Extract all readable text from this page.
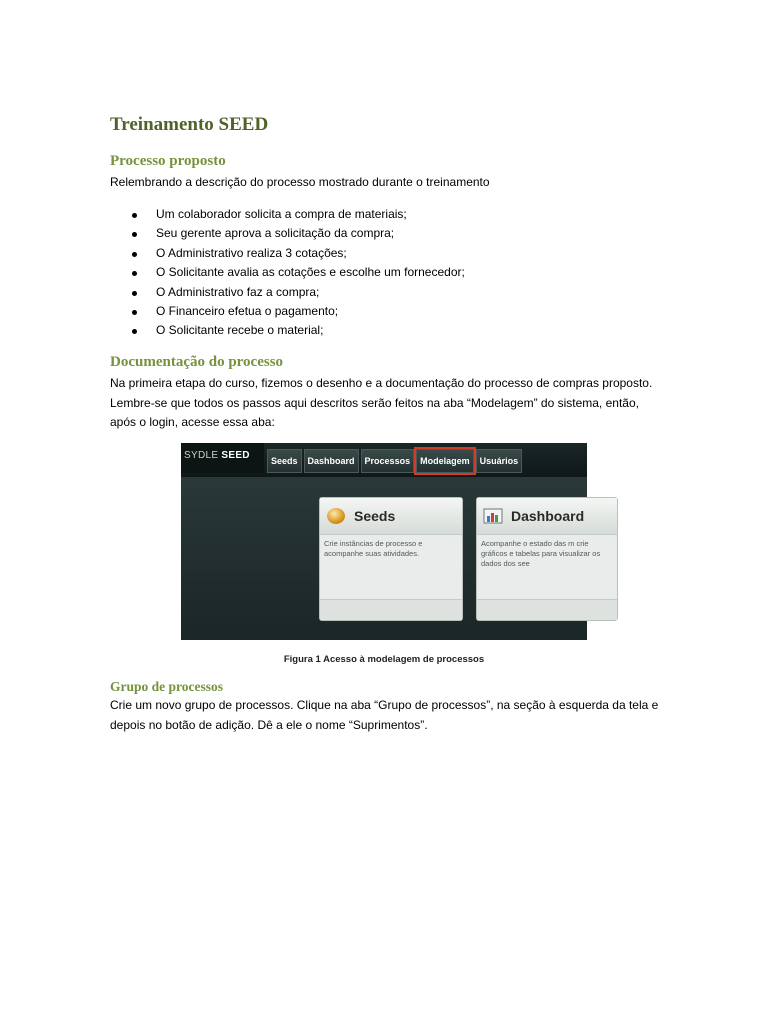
Treinamento SEED
Processo proposto

Relembrando a descrição do processo mostrado durante o treinamento

Um colaborador solicita a compra de materiais;
Seu gerente aprova a solicitação da compra;
O Administrativo realiza 3 cotações;
O Solicitante avalia as cotações e escolhe um fornecedor;
O Administrativo faz a compra;
O Financeiro efetua o pagamento;
O Solicitante recebe o material;
Documentação do processo

Na primeira etapa do curso, fizemos o desenho e a documentação do processo de compras proposto. Lembre-se que todos os passos aqui descritos serão feitos na aba “Modelagem” do sistema, então, após o login, acesse essa aba:

SYDLE SEED	Seeds	Dashboard	Processos	Modelagem	Usuários
Seeds
Crie instâncias de processo e acompanhe suas atividades.
Dashboard
Acompanhe o estado das m crie gráficos e tabelas para visualizar os dados dos see
Figura 1 Acesso à modelagem de processos
Grupo de processos

Crie um novo grupo de processos. Clique na aba “Grupo de processos”, na seção à esquerda da tela e depois no botão de adição. Dê a ele o nome “Suprimentos”.
